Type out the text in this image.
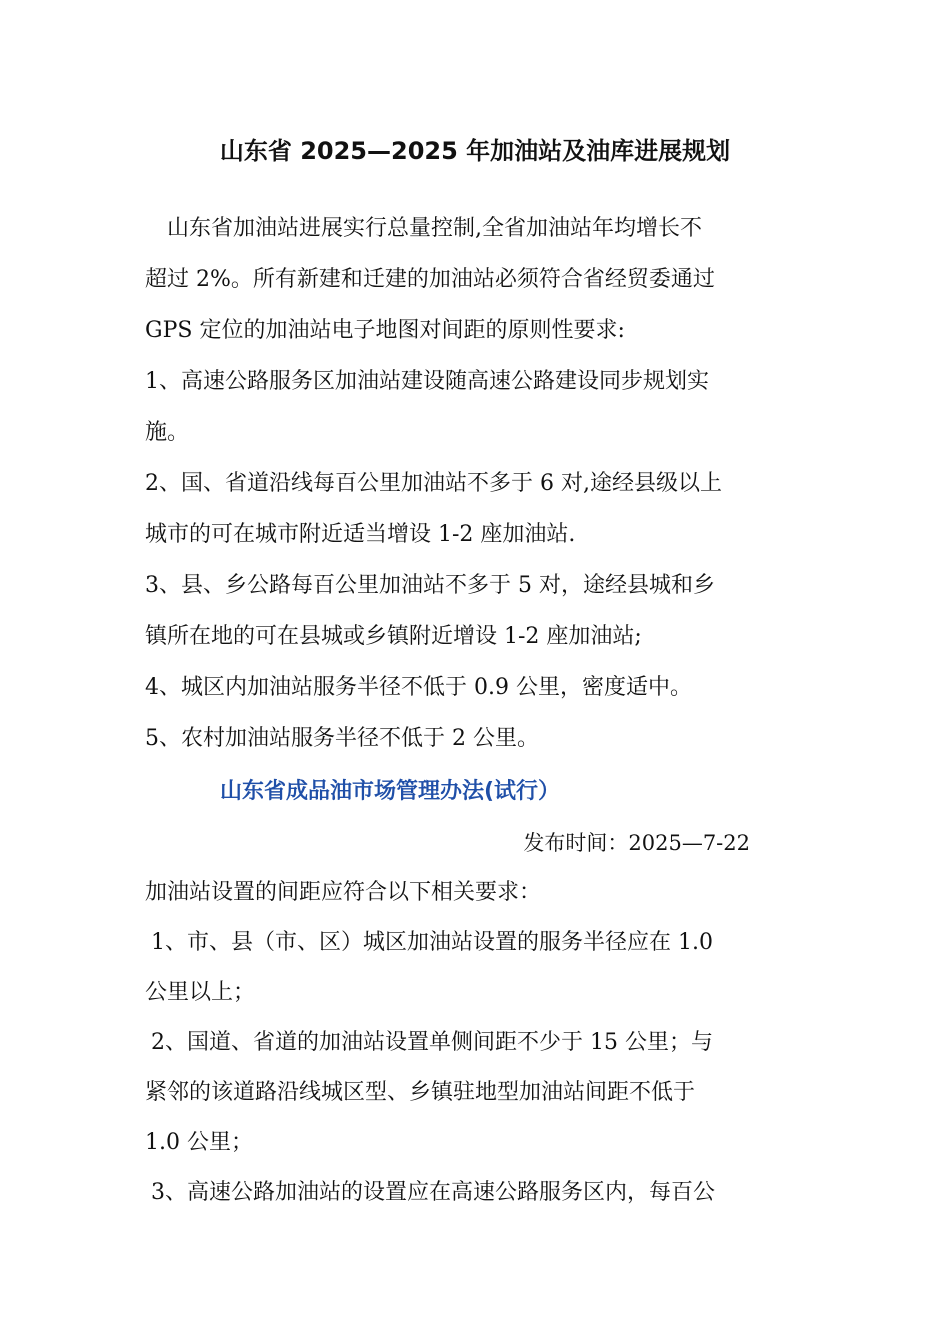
山东省 2025—2025 年加油站及油库进展规划

　山东省加油站进展实行总量控制,全省加油站年均增长不
超过 2%。所有新建和迁建的加油站必须符合省经贸委通过
GPS 定位的加油站电子地图对间距的原则性要求:

1、高速公路服务区加油站建设随高速公路建设同步规划实
施。

2、国、省道沿线每百公里加油站不多于 6 对,途经县级以上
城市的可在城市附近适当增设 1-2 座加油站.

3、县、乡公路每百公里加油站不多于 5 对，途经县城和乡
镇所在地的可在县城或乡镇附近增设 1-2 座加油站;

4、城区内加油站服务半径不低于 0.9 公里，密度适中。

5、农村加油站服务半径不低于 2 公里。

山东省成品油市场管理办法(试行）
发布时间：2025—7-22

加油站设置的间距应符合以下相关要求：

1、市、县（市、区）城区加油站设置的服务半径应在 1.0
公里以上；

2、国道、省道的加油站设置单侧间距不少于 15 公里；与
紧邻的该道路沿线城区型、乡镇驻地型加油站间距不低于
1.0 公里；

3、高速公路加油站的设置应在高速公路服务区内，每百公
